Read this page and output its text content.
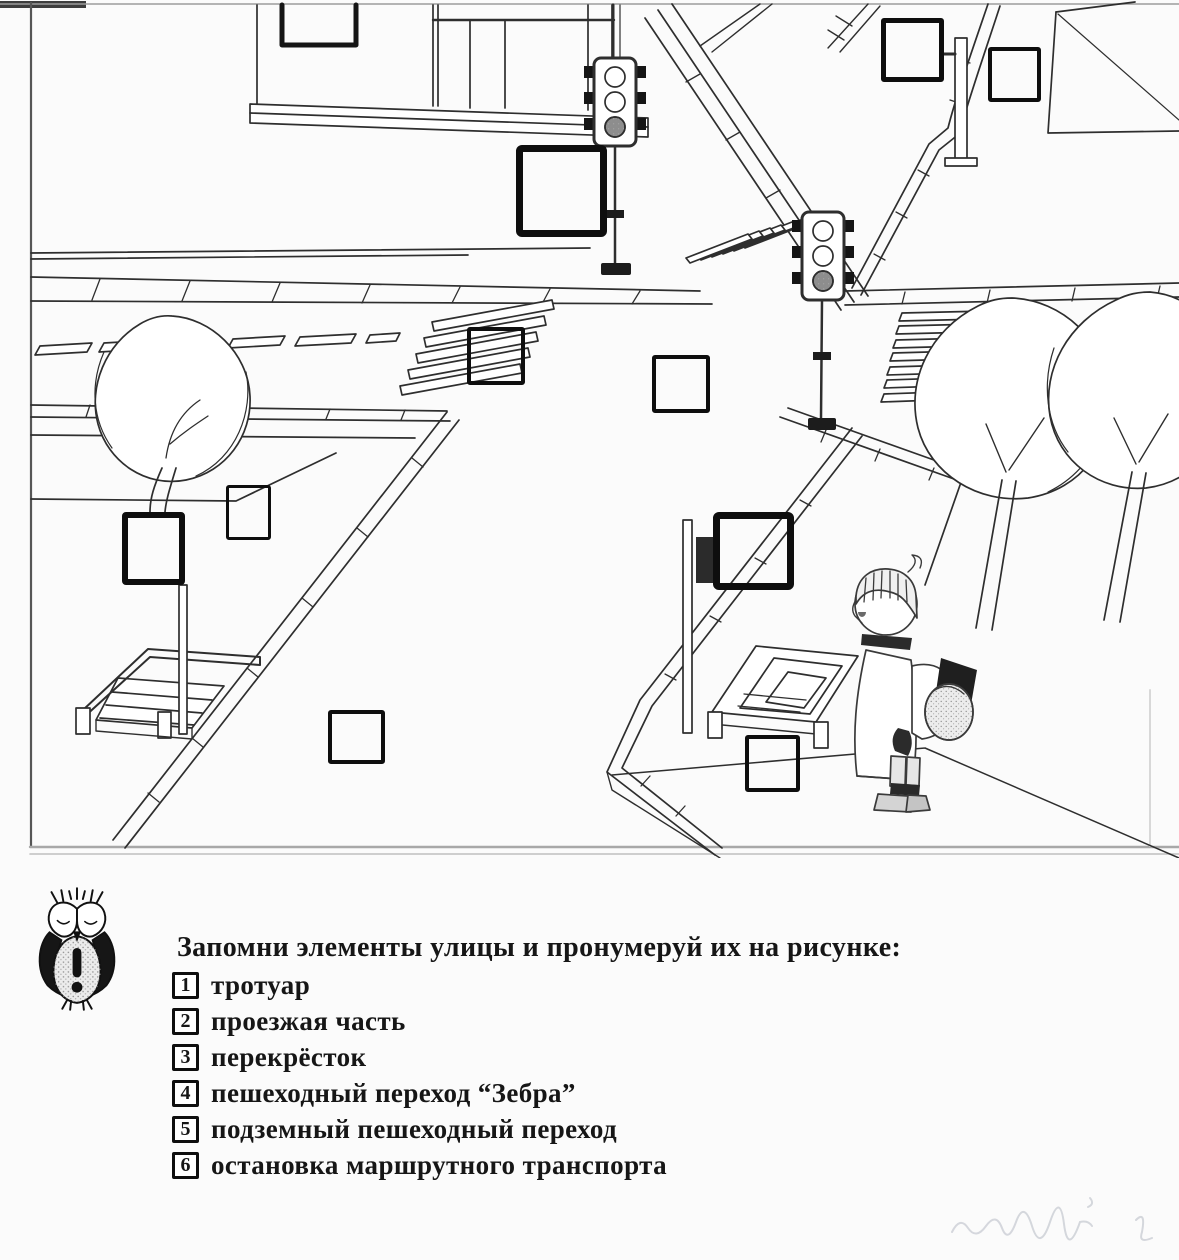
Запомни элементы улицы и пронумеруй их на рисунке:
1 тротуар
2 проезжая часть
3 перекрёсток
4 пешеходный переход “Зебра”
5 подземный пешеходный переход
6 остановка маршрутного транспорта
